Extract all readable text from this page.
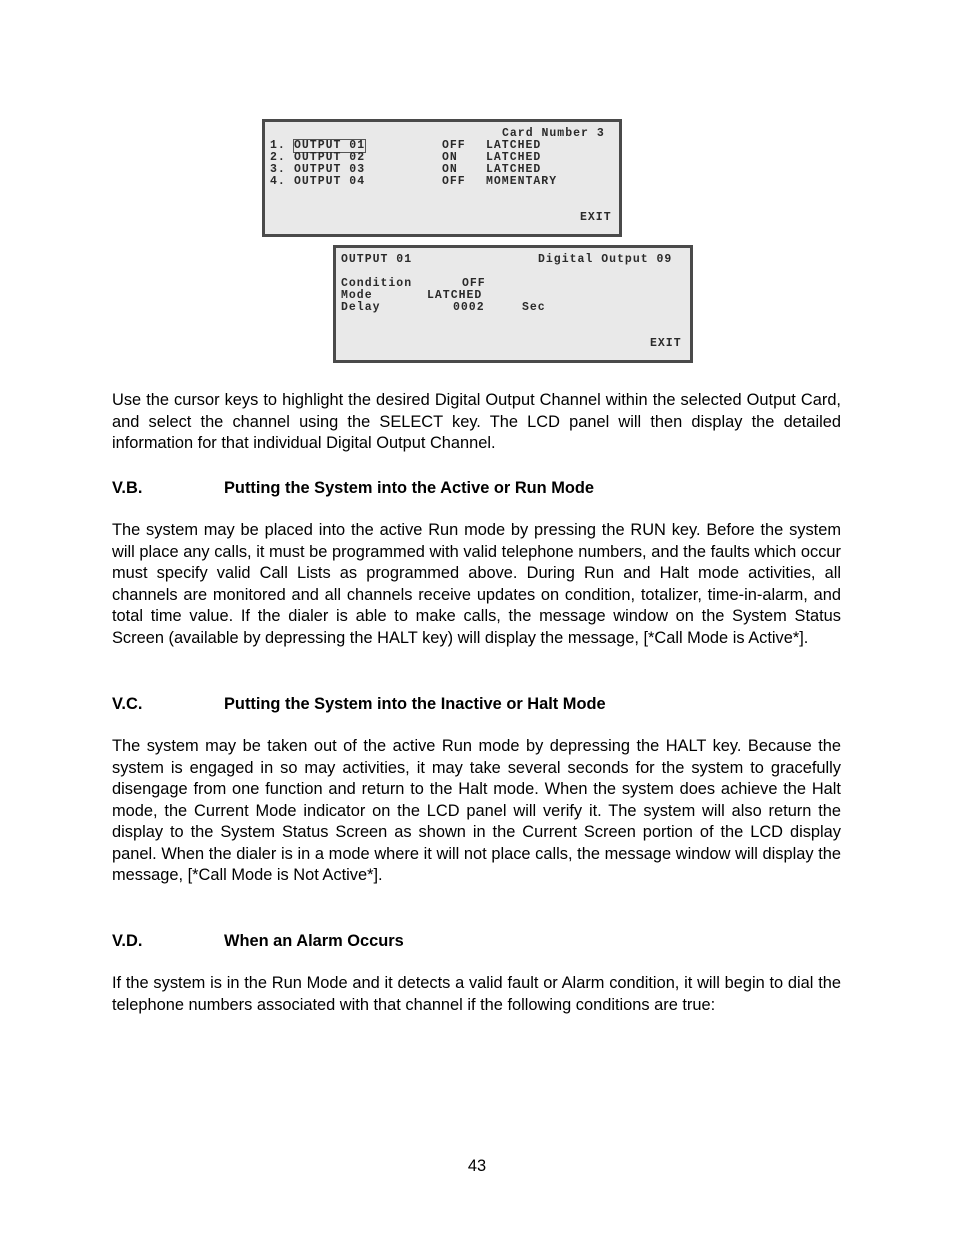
Card Number 3
1. OUTPUT 01	OFF LATCHED
2. OUTPUT 02	ON LATCHED
3. OUTPUT 03	ON LATCHED
4. OUTPUT 04	OFF MOMENTARY
EXIT
OUTPUT 01	Digital Output 09
Condition	OFF
Mode	LATCHED
Delay	0002	Sec
EXIT

Use the cursor keys to highlight the desired Digital Output Channel within the selected Output Card, and select the channel using the SELECT key. The LCD panel will then display the detailed information for that individual Digital Output Channel.

V.B.	Putting the System into the Active or Run Mode

The system may be placed into the active Run mode by pressing the RUN key. Before the system will place any calls, it must be programmed with valid telephone numbers, and the faults which occur must specify valid Call Lists as programmed above. During Run and Halt mode activities, all channels are monitored and all channels receive updates on condition, totalizer, time-in-alarm, and total time value. If the dialer is able to make calls, the message window on the System Status Screen (available by depressing the HALT key) will display the message, [*Call Mode is Active*].

V.C.	Putting the System into the Inactive or Halt Mode

The system may be taken out of the active Run mode by depressing the HALT key. Because the system is engaged in so may activities, it may take several seconds for the system to gracefully disengage from one function and return to the Halt mode. When the system does achieve the Halt mode, the Current Mode indicator on the LCD panel will verify it. The system will also return the display to the System Status Screen as shown in the Current Screen portion of the LCD display panel. When the dialer is in a mode where it will not place calls, the message window will display the message, [*Call Mode is Not Active*].

V.D.	When an Alarm Occurs

If the system is in the Run Mode and it detects a valid fault or Alarm condition, it will begin to dial the telephone numbers associated with that channel if the following conditions are true:

43
